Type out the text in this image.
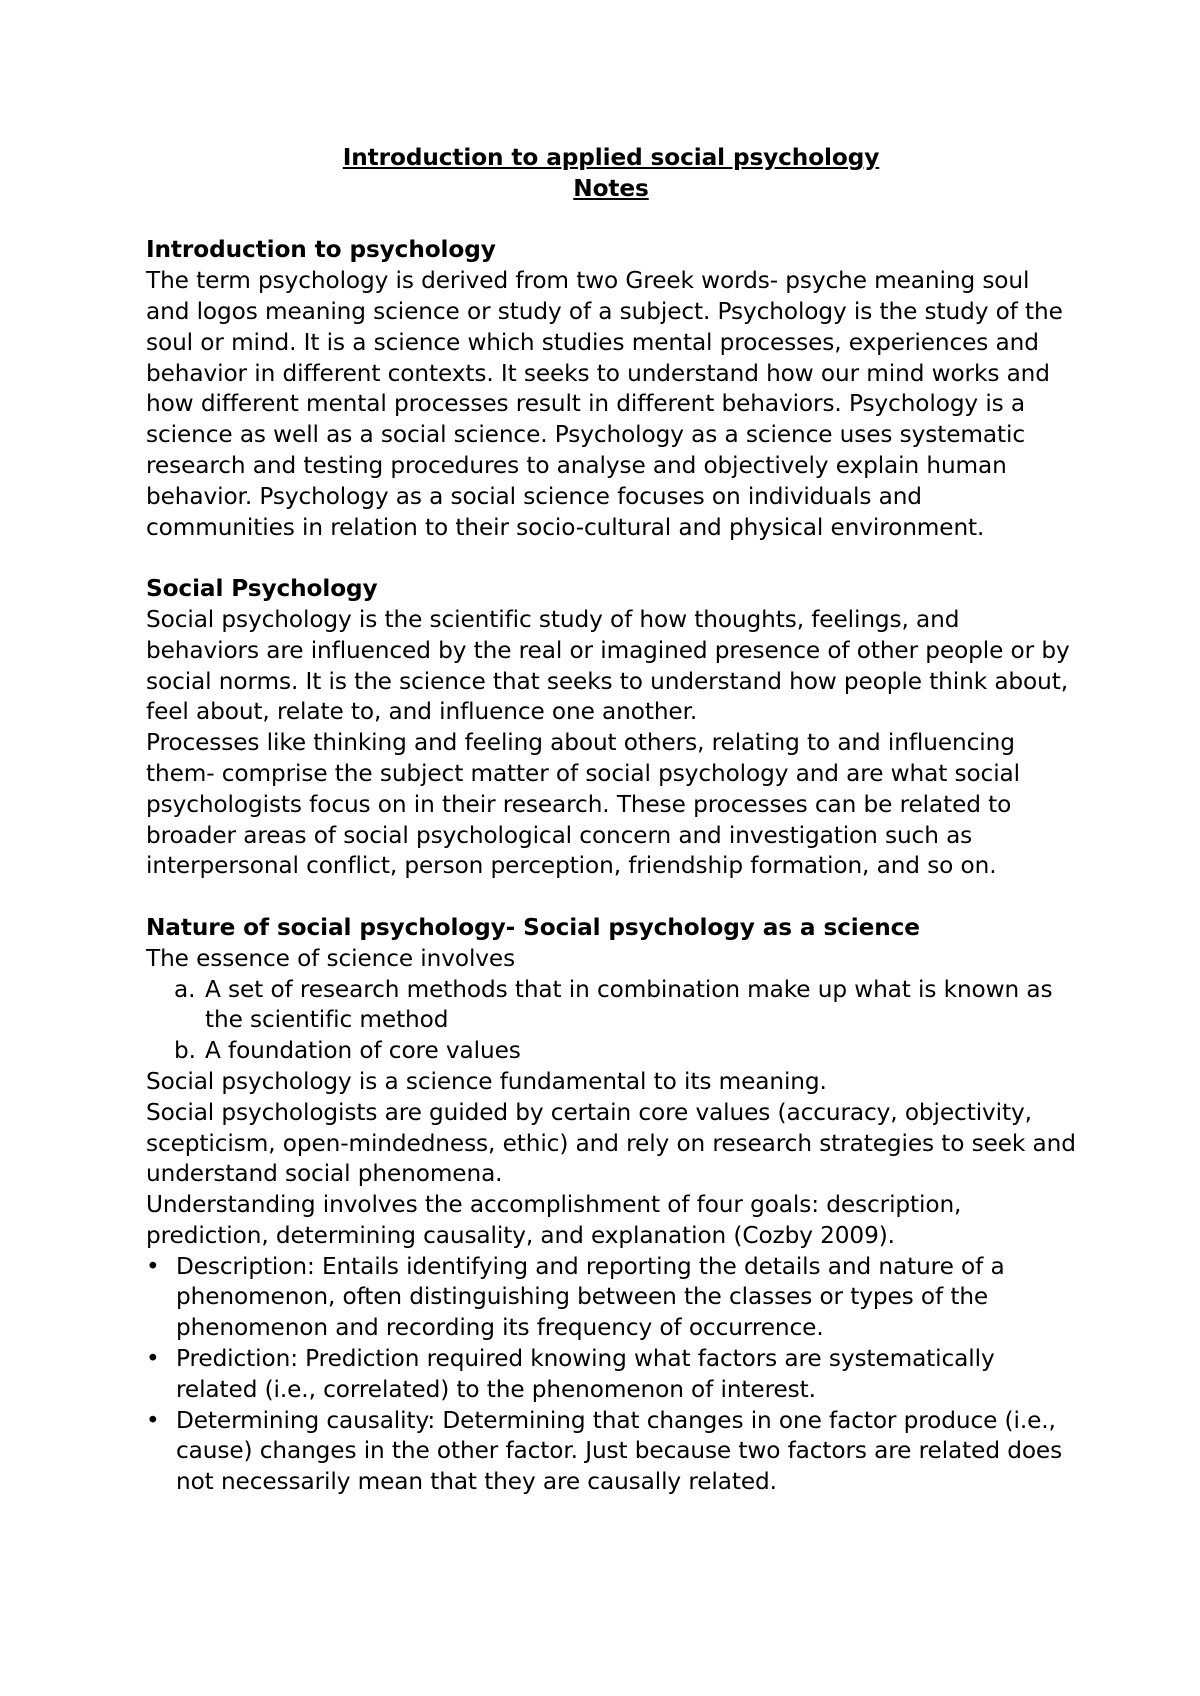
Introduction to applied social psychology

Notes

Introduction to psychology

The term psychology is derived from two Greek words- psyche meaning soul and logos meaning science or study of a subject. Psychology is the study of the soul or mind. It is a science which studies mental processes, experiences and behavior in different contexts. It seeks to understand how our mind works and how different mental processes result in different behaviors. Psychology is a science as well as a social science. Psychology as a science uses systematic research and testing procedures to analyse and objectively explain human behavior. Psychology as a social science focuses on individuals and communities in relation to their socio-cultural and physical environment.

Social Psychology

Social psychology is the scientific study of how thoughts, feelings, and behaviors are influenced by the real or imagined presence of other people or by social norms. It is the science that seeks to understand how people think about, feel about, relate to, and influence one another.

Processes like thinking and feeling about others, relating to and influencing them- comprise the subject matter of social psychology and are what social psychologists focus on in their research. These processes can be related to broader areas of social psychological concern and investigation such as interpersonal conflict, person perception, friendship formation, and so on.

Nature of social psychology- Social psychology as a science

The essence of science involves

a. A set of research methods that in combination make up what is known as the scientific method
b. A foundation of core values

Social psychology is a science fundamental to its meaning.

Social psychologists are guided by certain core values (accuracy, objectivity, scepticism, open-mindedness, ethic) and rely on research strategies to seek and understand social phenomena.

Understanding involves the accomplishment of four goals: description, prediction, determining causality, and explanation (Cozby 2009).

• Description: Entails identifying and reporting the details and nature of a phenomenon, often distinguishing between the classes or types of the phenomenon and recording its frequency of occurrence.
• Prediction: Prediction required knowing what factors are systematically related (i.e., correlated) to the phenomenon of interest.
• Determining causality: Determining that changes in one factor produce (i.e., cause) changes in the other factor. Just because two factors are related does not necessarily mean that they are causally related.
